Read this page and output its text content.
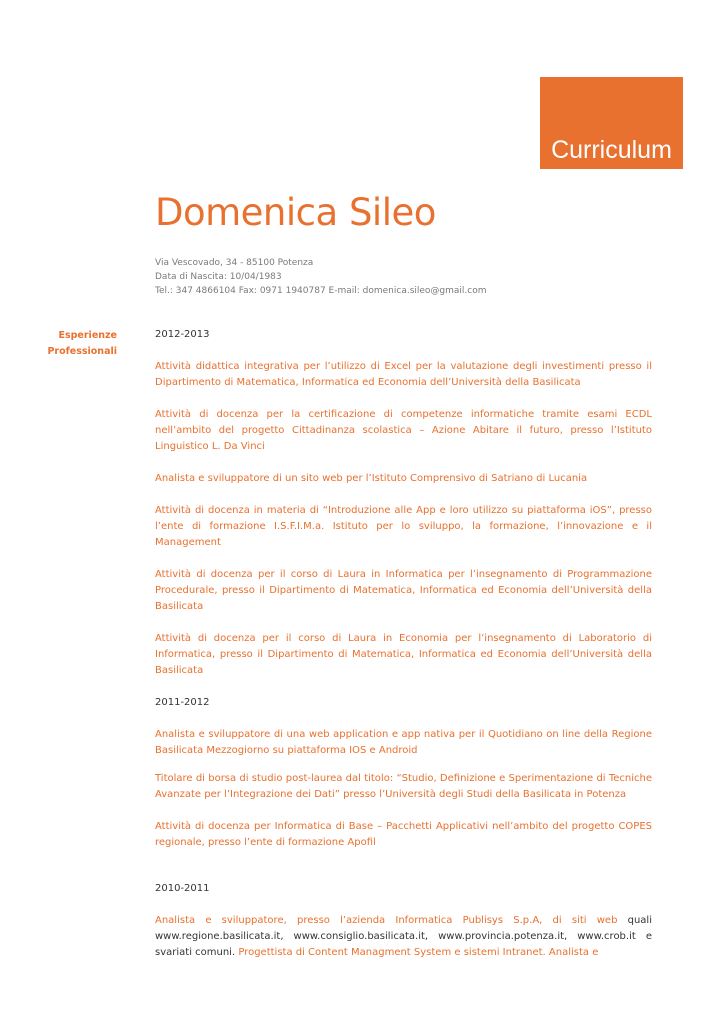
Curriculum
Domenica Sileo
Via Vescovado, 34 - 85100 Potenza
Data di Nascita: 10/04/1983
Tel.: 347 4866104 Fax: 0971 1940787 E-mail: domenica.sileo@gmail.com
Esperienze
Professionali

2012-2013

Attività didattica integrativa per l’utilizzo di Excel per la valutazione degli investimenti presso il Dipartimento di Matematica, Informatica ed Economia dell’Università della Basilicata

Attività di docenza per la certificazione di competenze informatiche tramite esami ECDL nell’ambito del progetto Cittadinanza scolastica – Azione Abitare il futuro, presso l’Istituto Linguistico L. Da Vinci

Analista e sviluppatore di un sito web per l’Istituto Comprensivo di Satriano di Lucania

Attività di docenza in materia di “Introduzione alle App e loro utilizzo su piattaforma iOS”, presso l’ente di formazione I.S.F.I.M.a. Istituto per lo sviluppo, la formazione, l’innovazione e il Management

Attività di docenza per il corso di Laura in Informatica per l’insegnamento di Programmazione Procedurale, presso il Dipartimento di Matematica, Informatica ed Economia dell’Università della Basilicata

Attività di docenza per il corso di Laura in Economia per l’insegnamento di Laboratorio di Informatica, presso il Dipartimento di Matematica, Informatica ed Economia dell’Università della Basilicata

2011-2012

Analista e sviluppatore di una web application e app nativa per il Quotidiano on line della Regione Basilicata Mezzogiorno su piattaforma IOS e Android

Titolare di borsa di studio post-laurea dal titolo: “Studio, Definizione e Sperimentazione di Tecniche Avanzate per l’Integrazione dei Dati” presso l’Università degli Studi della Basilicata in Potenza

Attività di docenza per Informatica di Base – Pacchetti Applicativi nell’ambito del progetto COPES regionale, presso l’ente di formazione Apofil

2010-2011

Analista e sviluppatore, presso l’azienda Informatica Publisys S.p.A, di siti web quali www.regione.basilicata.it, www.consiglio.basilicata.it, www.provincia.potenza.it, www.crob.it e svariati comuni. Progettista di Content Managment System e sistemi Intranet. Analista e
